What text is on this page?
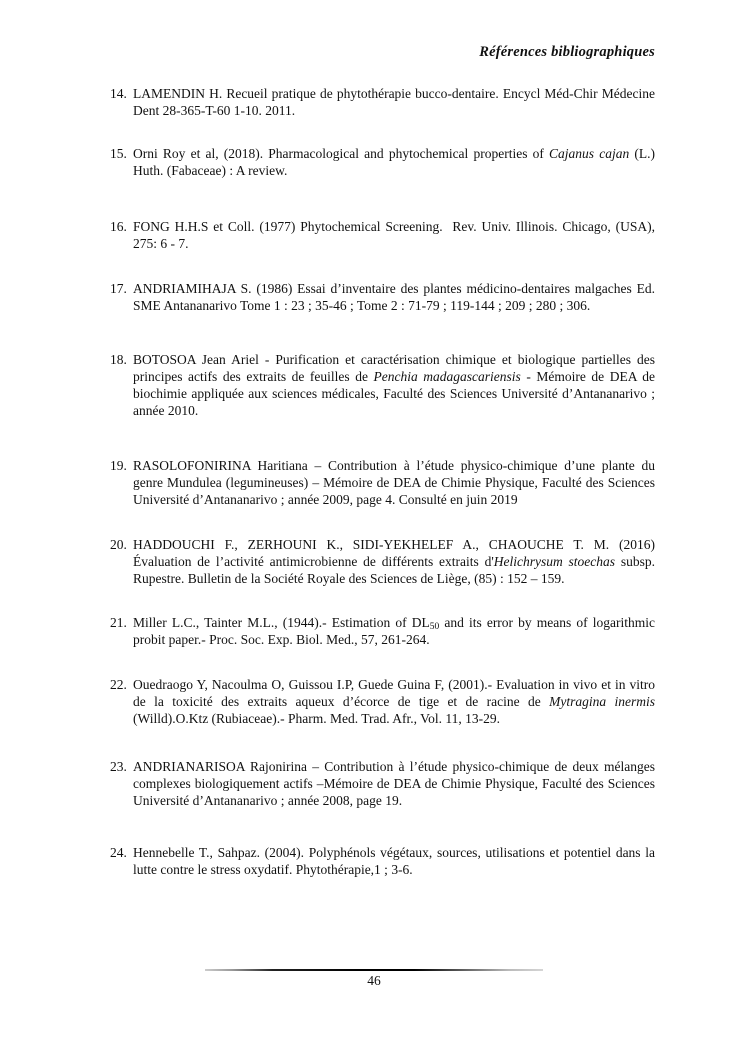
Références bibliographiques
14. LAMENDIN H. Recueil pratique de phytothérapie bucco-dentaire. Encycl Méd-Chir Médecine Dent 28-365-T-60 1-10. 2011.
15. Orni Roy et al, (2018). Pharmacological and phytochemical properties of Cajanus cajan (L.) Huth. (Fabaceae) : A review.
16. FONG H.H.S et Coll. (1977) Phytochemical Screening.  Rev. Univ. Illinois. Chicago, (USA), 275: 6 - 7.
17. ANDRIAMIHAJA S. (1986) Essai d’inventaire des plantes médicino-dentaires malgaches Ed. SME Antananarivo Tome 1 : 23 ; 35-46 ; Tome 2 : 71-79 ; 119-144 ; 209 ; 280 ; 306.
18. BOTOSOA Jean Ariel - Purification et caractérisation chimique et biologique partielles des principes actifs des extraits de feuilles de Penchia madagascariensis - Mémoire de DEA de biochimie appliquée aux sciences médicales, Faculté des Sciences Université d’Antananarivo ; année 2010.
19. RASOLOFONIRINA Haritiana – Contribution à l’étude physico-chimique d’une plante du genre Mundulea (legumineuses) – Mémoire de DEA de Chimie Physique, Faculté des Sciences Université d’Antananarivo ; année 2009, page 4. Consulté en juin 2019
20. HADDOUCHI F., ZERHOUNI K., SIDI-YEKHELEF A., CHAOUCHE T. M. (2016) Évaluation de l’activité antimicrobienne de différents extraits d'Helichrysum stoechas subsp. Rupestre. Bulletin de la Société Royale des Sciences de Liège, (85) : 152 – 159.
21. Miller L.C., Tainter M.L., (1944).- Estimation of $DL_{50}$ and its error by means of logarithmic probit paper.- Proc. Soc. Exp. Biol. Med., 57, 261-264.
22. Ouedraogo Y, Nacoulma O, Guissou I.P, Guede Guina F, (2001).- Evaluation in vivo et in vitro de la toxicité des extraits aqueux d’écorce de tige et de racine de Mytragina inermis (Willd).O.Ktz (Rubiaceae).- Pharm. Med. Trad. Afr., Vol. 11, 13-29.
23. ANDRIANARISOA Rajonirina – Contribution à l’étude physico-chimique de deux mélanges complexes biologiquement actifs –Mémoire de DEA de Chimie Physique, Faculté des Sciences Université d’Antananarivo ; année 2008, page 19.
24. Hennebelle T., Sahpaz. (2004). Polyphénols végétaux, sources, utilisations et potentiel dans la lutte contre le stress oxydatif. Phytothérapie,1 ; 3-6.
46
